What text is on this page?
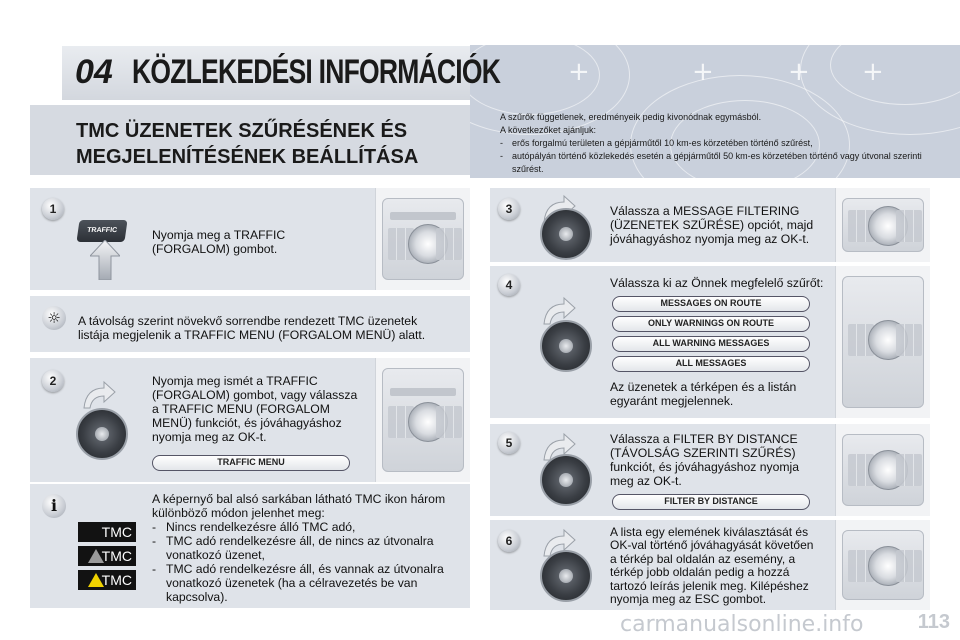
+	+	+ +
04 KÖZLEKEDÉSI INFORMÁCIÓK
TMC ÜZENETEK SZŰRÉSÉNEK ÉS
MEGJELENÍTÉSÉNEK BEÁLLÍTÁSA
A szűrők függetlenek, eredményeik pedig kivonódnak egymásból.
A következőket ajánljuk:
- erős forgalmú területen a gépjárműtől 10 km-es körzetében történő szűrést,
- autópályán történő közlekedés esetén a gépjárműtől 50 km-es körzetében történő vagy útvonal szerinti szűrést.
1
TRAFFIC	Nyomja meg a TRAFFIC (FORGALOM) gombot.
☼	A távolság szerint növekvő sorrendbe rendezett TMC üzenetek listája megjelenik a TRAFFIC MENU (FORGALOM MENÜ) alatt.
2	Nyomja meg ismét a TRAFFIC (FORGALOM) gombot, vagy válassza a TRAFFIC MENU (FORGALOM MENÜ) funkciót, és jóváhagyáshoz nyomja meg az OK-t.
TRAFFIC MENU
i
TMC
TMC
TMC
A képernyő bal alsó sarkában látható TMC ikon három különböző módon jelenhet meg:
- Nincs rendelkezésre álló TMC adó,
- TMC adó rendelkezésre áll, de nincs az útvonalra vonatkozó üzenet,
- TMC adó rendelkezésre áll, és vannak az útvonalra vonatkozó üzenetek (ha a célravezetés be van kapcsolva).
3	Válassza a MESSAGE FILTERING (ÜZENETEK SZŰRÉSE) opciót, majd jóváhagyáshoz nyomja meg az OK-t.
4	Válassza ki az Önnek megfelelő szűrőt:
MESSAGES ON ROUTE
ONLY WARNINGS ON ROUTE
ALL WARNING MESSAGES
ALL MESSAGES
Az üzenetek a térképen és a listán egyaránt megjelennek.
5	Válassza a FILTER BY DISTANCE (TÁVOLSÁG SZERINTI SZŰRÉS) funkciót, és jóváhagyáshoz nyomja meg az OK-t.
FILTER BY DISTANCE
6
A lista egy elemének kiválasztását és OK-val történő jóváhagyását követően a térkép bal oldalán az esemény, a térkép jobb oldalán pedig a hozzá tartozó leírás jelenik meg. Kilépéshez nyomja meg az ESC gombot.
carmanualsonline.info	113
